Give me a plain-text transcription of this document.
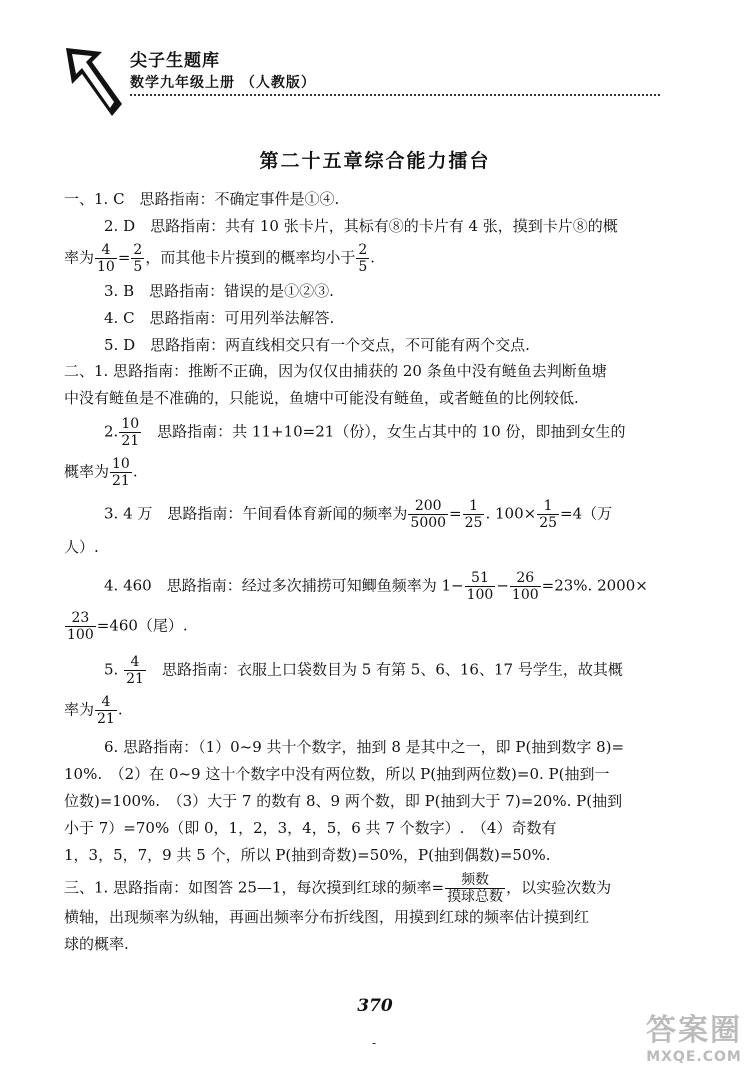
尖子生题库
数学九年级上册 （人教版）
第二十五章综合能力擂台
一、1. C　思路指南：不确定事件是①④.
2. D　思路指南：共有 10 张卡片，其标有⑧的卡片有 4 张，摸到卡片⑧的概
率为 $\frac{4}{10} = \frac{2}{5}$ ，而其他卡片摸到的概率均小于 $\frac{2}{5}$ .
3. B　思路指南：错误的是①②③.
4. C　思路指南：可用列举法解答.
5. D　思路指南：两直线相交只有一个交点，不可能有两个交点.
二、1. 思路指南：推断不正确，因为仅仅由捕获的 20 条鱼中没有鲢鱼去判断鱼塘
中没有鲢鱼是不准确的，只能说，鱼塘中可能没有鲢鱼，或者鲢鱼的比例较低.
2. $\frac{10}{21}$
　 思路指南：共 11+10=21（份），女生占其中的 10 份，即抽到女生的
概率为 $\frac{10}{21}$ .
3. 4 万　思路指南：午间看体育新闻的频率为 $\frac{200}{5000} = \frac{1}{25}$ . $100\times \frac{1}{25} =4$（万
人）.
4. 460　思路指南：经过多次捕捞可知鲫鱼频率为 $1- \frac{51}{100} - \frac{26}{100} =23\%$. 2000×
$\frac{23}{100} =460$（尾）.
5. $\frac{4}{21}$
　 思路指南：衣服上口袋数目为 5 有第 5、6、16、17 号学生，故其概
率为 $\frac{4}{21}$ .
6. 思路指南：（1）0~9 共十个数字，抽到 8 是其中之一，即 P(抽到数字 8)=
10%.　（2）在 0~9 这十个数字中没有两位数，所以 P(抽到两位数)=0. P(抽到一
位数)=100%.　（3）大于 7 的数有 8、9 两个数，即 P(抽到大于 7)=20%. P(抽到
小于 7）=70%（即 0，1，2，3，4，5，6 共 7 个数字）.　（4）奇数有
1，3，5，7，9 共 5 个，所以 P(抽到奇数)=50%，P(抽到偶数)=50%.
三、1. 思路指南：如图答 25—1，每次摸到红球的频率= $\frac{\text{频数}}{\text{摸球总数}}$ ，以实验次数为
横轴，出现频率为纵轴，再画出频率分布折线图，用摸到红球的频率估计摸到红
球的概率.
370
-	答案圈
MXQE.COM
